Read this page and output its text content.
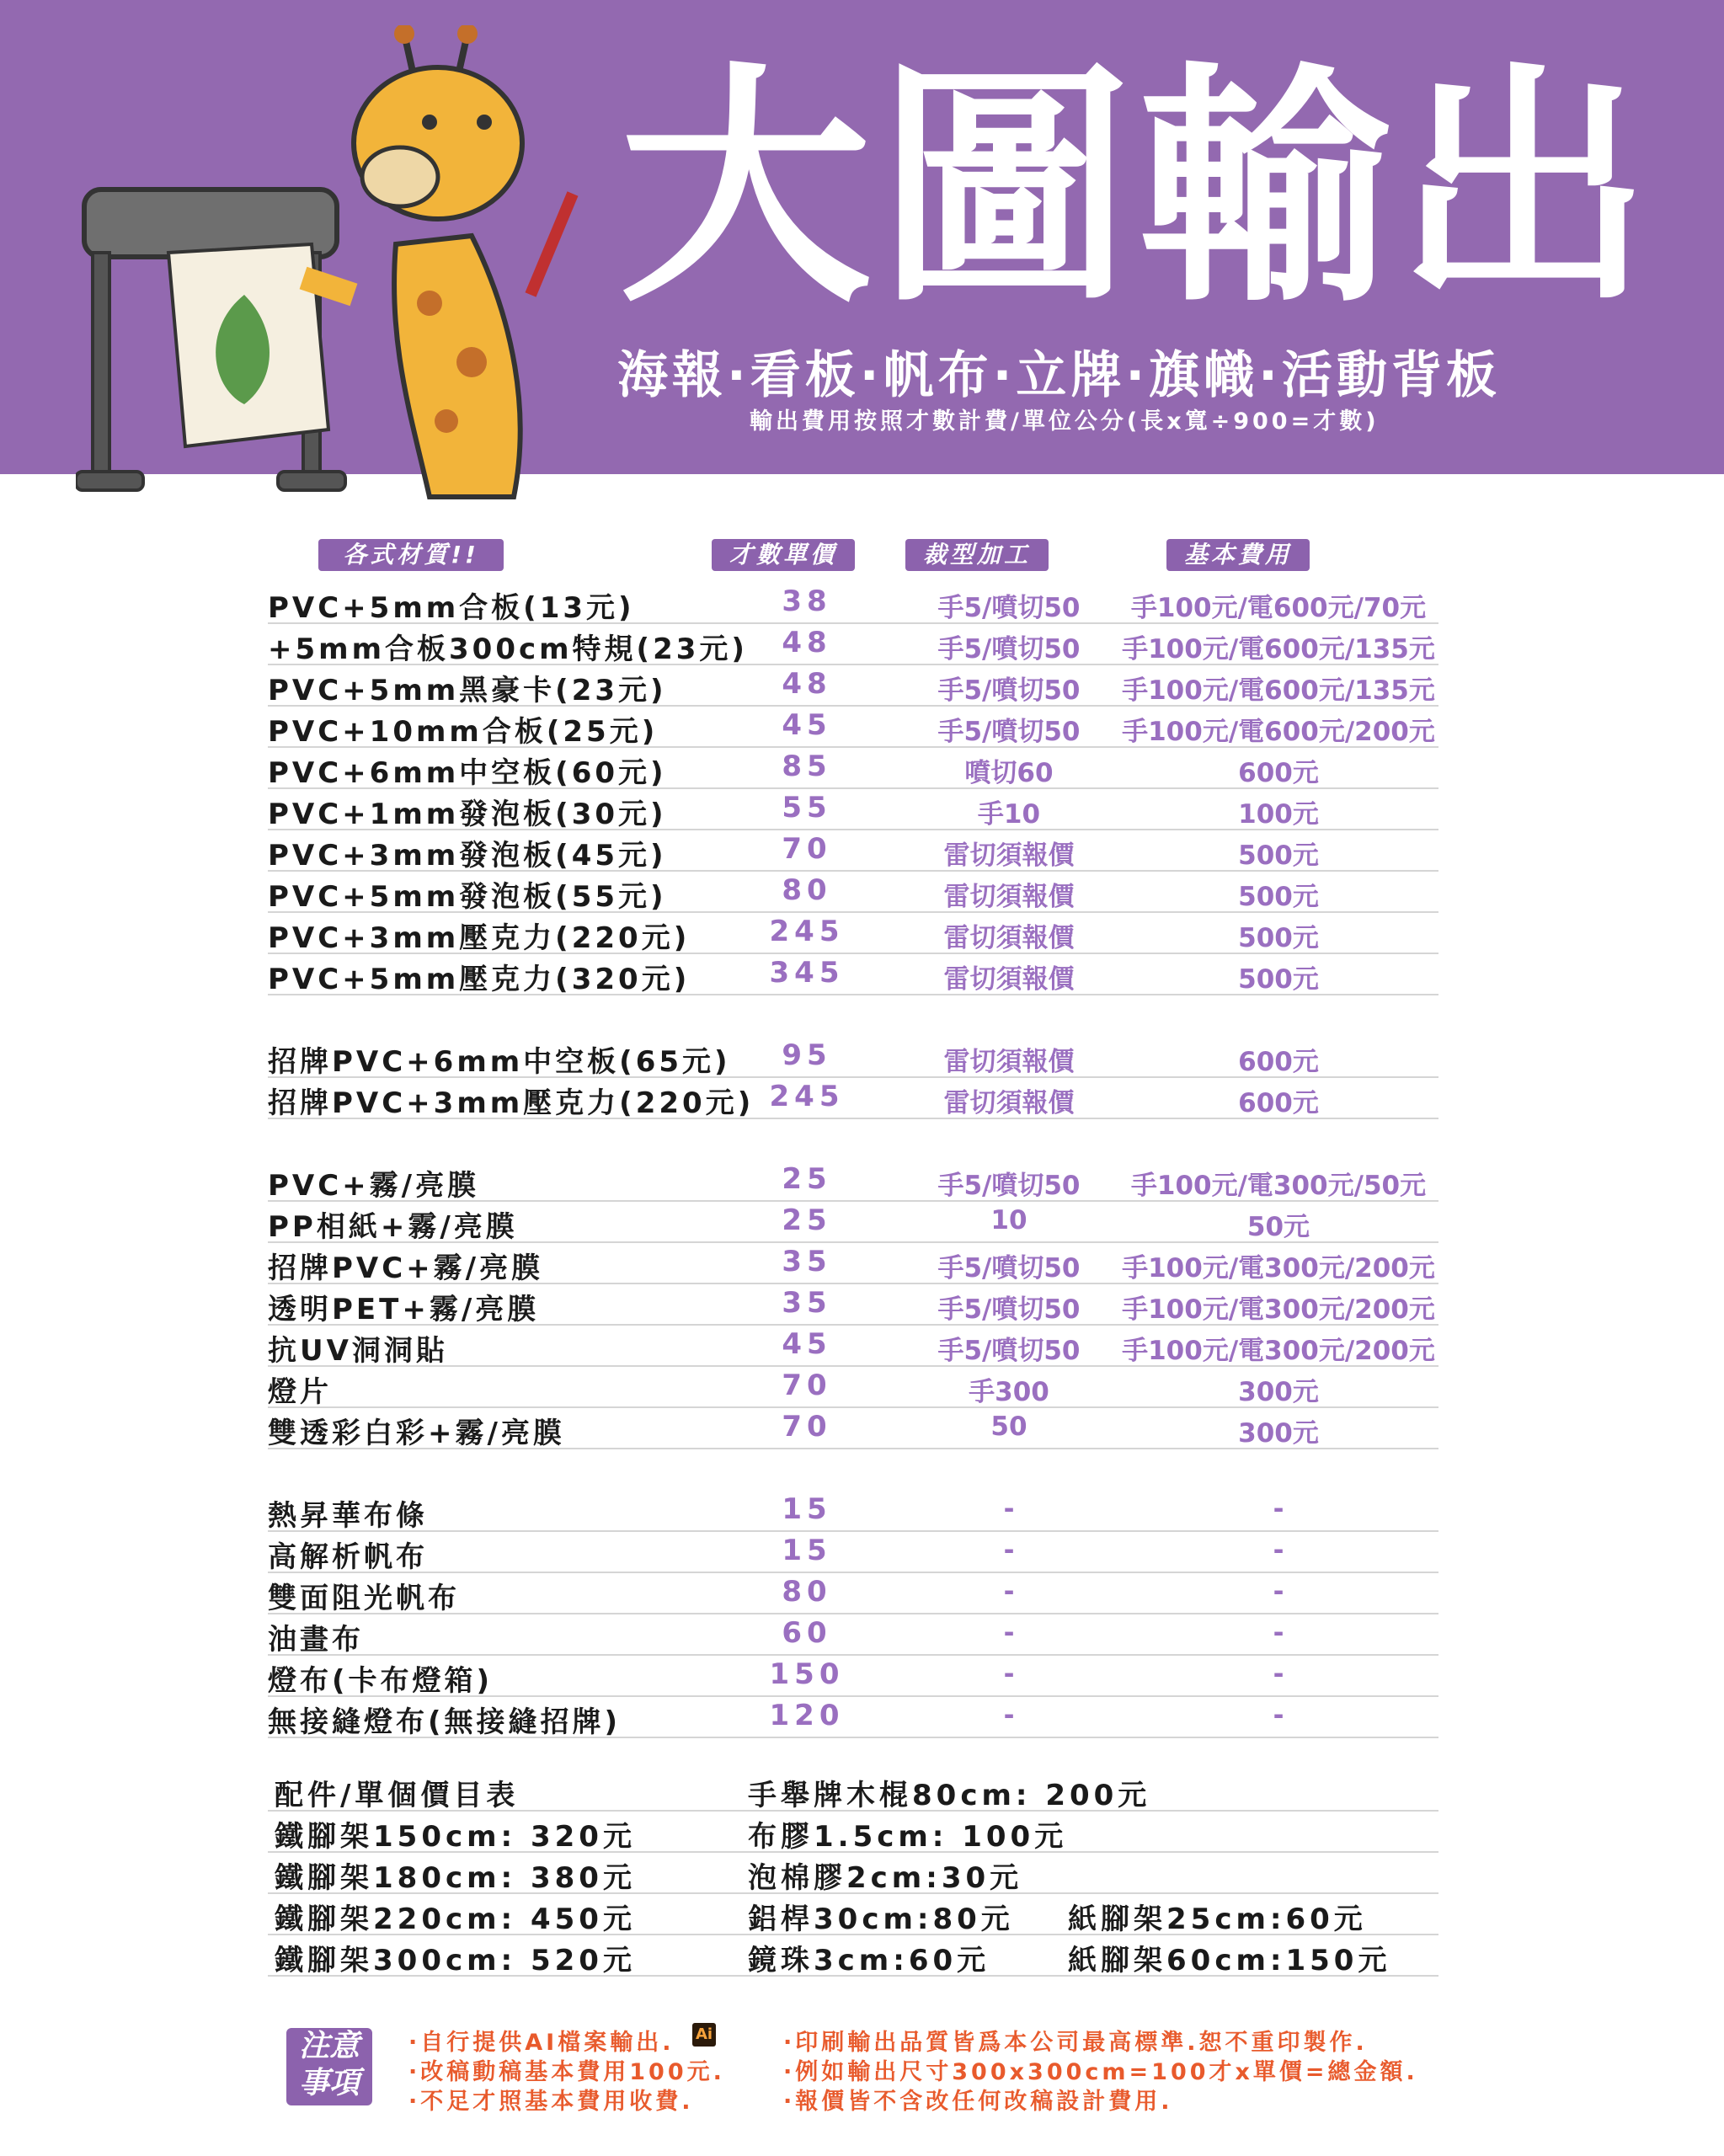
大圖輸出
海報·看板·帆布·立牌·旗幟·活動背板
輸出費用按照才數計費/單位公分(長x寬÷900=才數)
各式材質!!	才數單價	裁型加工	基本費用
PVC+5mm合板(13元)	38	手5/噴切50	手100元/電600元/70元
+5mm合板300cm特規(23元)	48	手5/噴切50	手100元/電600元/135元
PVC+5mm黑豪卡(23元)	48	手5/噴切50	手100元/電600元/135元
PVC+10mm合板(25元)	45	手5/噴切50	手100元/電600元/200元
PVC+6mm中空板(60元)	85	噴切60	600元
PVC+1mm發泡板(30元)	55	手10	100元
PVC+3mm發泡板(45元)	70	雷切須報價	500元
PVC+5mm發泡板(55元)	80	雷切須報價	500元
PVC+3mm壓克力(220元)	245	雷切須報價	500元
PVC+5mm壓克力(320元)	345	雷切須報價	500元
招牌PVC+6mm中空板(65元)	95	雷切須報價	600元
招牌PVC+3mm壓克力(220元) 245	雷切須報價	600元
PVC+霧/亮膜	25	手5/噴切50	手100元/電300元/50元
PP相紙+霧/亮膜	25	10	50元
招牌PVC+霧/亮膜	35	手5/噴切50	手100元/電300元/200元
透明PET+霧/亮膜	35	手5/噴切50	手100元/電300元/200元
抗UV洞洞貼	45	手5/噴切50	手100元/電300元/200元
燈片	70	手300	300元
雙透彩白彩+霧/亮膜	70	50	300元
熱昇華布條	15	-	-
高解析帆布	15	-	-
雙面阻光帆布	80	-	-
油畫布	60	-	-
燈布(卡布燈箱)	150	-	-
無接縫燈布(無接縫招牌)	120	-	-
配件/單個價目表	手舉牌木棍80cm: 200元
鐵腳架150cm: 320元	布膠1.5cm: 100元
鐵腳架180cm: 380元	泡棉膠2cm:30元
鐵腳架220cm: 450元	鋁桿30cm:80元 紙腳架25cm:60元
鐵腳架300cm: 520元	鏡珠3cm:60元	紙腳架60cm:150元
注意
事項
·自行提供AI檔案輸出. Ai
·改稿動稿基本費用100元.
·不足才照基本費用收費.
·印刷輸出品質皆爲本公司最高標準.恕不重印製作.
·例如輸出尺寸300x300cm=100才x單價=總金額.
·報價皆不含改任何改稿設計費用.
